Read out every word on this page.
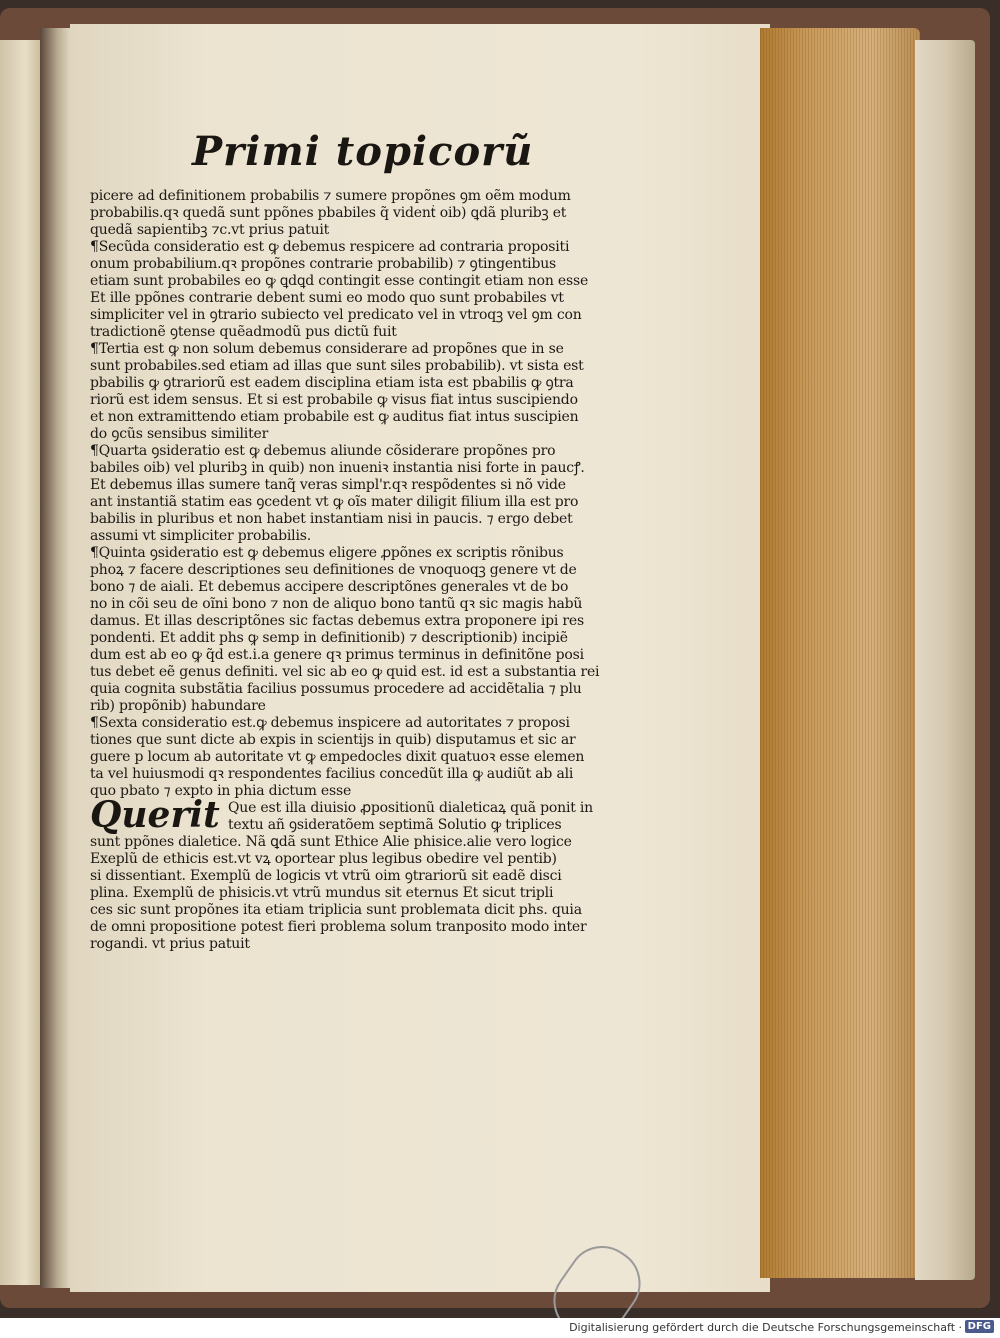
Primi topicorũ
picere ad definitionem probabilis ⁊ sumere propõnes ꝯm oẽm modum
probabilis.qꝛ quedã sunt ppõnes pbabiles q̃ videntᷣ oib) ꝗdã pluribꝫ et
quedã sapientibꝫ ⁊c.vt prius patuit
¶Secũda consideratio est ꝙ debemus respicere ad contraria propositi
onum probabilium.qꝛ propõnes contrarie probabilib) ⁊ ꝯtingentibus
etiam sunt probabiles eo ꝙ ꝗdꝗd contingit esse contingit etiam non esse
Et ille ppõnes contrarie debent sumi eo modo quo sunt probabiles vt
simpliciter vel in ꝯtrario subiecto vel predicato vel in vtroqꝫ vel ꝯm con
tradictionẽ ꝯtense quẽadmodũ pus dictũ fuit
¶Tertia est ꝙ non solum debemus considerare ad propõnes que in se
sunt probabiles.sed etiam ad illas que sunt siles probabilib). vt sista est
pbabilis ꝙ ꝯtrariorũ est eadem disciplina etiam ista est pbabilis ꝙ ꝯtra
riorũ est idem sensus. Et si est probabile ꝙ visus fiat intus suscipiendo
et non extramittendo etiam probabile est ꝙ auditus fiat intus suscipien
do ꝯcũs sensibus similiter
¶Quarta ꝯsideratio est ꝙ debemus aliunde cõsiderare propõnes pro
babiles oib) vel pluribꝫ in quib) non inueniꝛ instantia nisi forte in paucꝭ.
Et debemus illas sumere tanq̃ veras simpl'r.qꝛ respõdentes si nõ vide
ant instantiã statim eas ꝯcedent vt ꝙ oĩs mater diligit filium illa est pro
babilis in pluribus et non habet instantiam nisi in paucis. ⁊ ergo debet
assumi vt simpliciter probabilis.
¶Quinta ꝯsideratio est ꝙ debemus eligere ꝓpõnes ex scriptis rõnibus
phoꝝ ⁊ facere descriptiones seu definitiones de vnoquoqꝫ genere vt de
bono ⁊ de aiali. Et debemus accipere descriptõnes generales vt de bo
no in cõi seu de oĩni bono ⁊ non de aliquo bono tantũ qꝛ sic magis habũ
damus. Et illas descriptõnes sic factas debemus extra proponere ipi res
pondenti. Et addit phs ꝙ semp in definitionib) ⁊ descriptionib) incipiẽ
dum est ab eo ꝙ q̃d est.i.a genere qꝛ primus terminus in definitõne posi
tus debet eẽ genus definiti. vel sic ab eo ꝙ quid est. id est a substantia rei
quia cognita substãtia facilius possumus procedere ad accidẽtalia ⁊ plu
rib) propõnib) habundare
¶Sexta consideratio est.ꝙ debemus inspicere ad autoritates ⁊ proposi
tiones que sunt dicte ab expis in scientijs in quib) disputamus et sic ar
guere p locum ab autoritate vt ꝙ empedocles dixit quatuoꝛ esse elemen
ta vel huiusmodi qꝛ respondentes facilius concedũt illa ꝙ audiũt ab ali
quo pbato ⁊ expto in phia dictum esse
Querit Que est illa diuisio ꝓpositionũ dialeticaꝝ quã ponit in
textu añ ꝯsideratõem septimã Solutio ꝙ triplices
sunt ppõnes dialetice. Nã ꝗdã sunt Ethice Alie phisice.alie vero logice
Exeplũ de ethicis est.vt vꝝ oportear plus legibus obedire vel pentib)
si dissentiant. Exemplũ de logicis vt vtrũ oim ꝯtrariorũ sit eadẽ disci
plina. Exemplũ de phisicis.vt vtrũ mundus sit eternus Et sicut tripli
ces sic sunt propõnes ita etiam triplicia sunt problemata dicit phs. quia
de omni propositione potest fieri problema solum tranposito modo inter
rogandi. vt prius patuit
Digitalisierung gefördert durch die Deutsche Forschungsgemeinschaft · DFG
